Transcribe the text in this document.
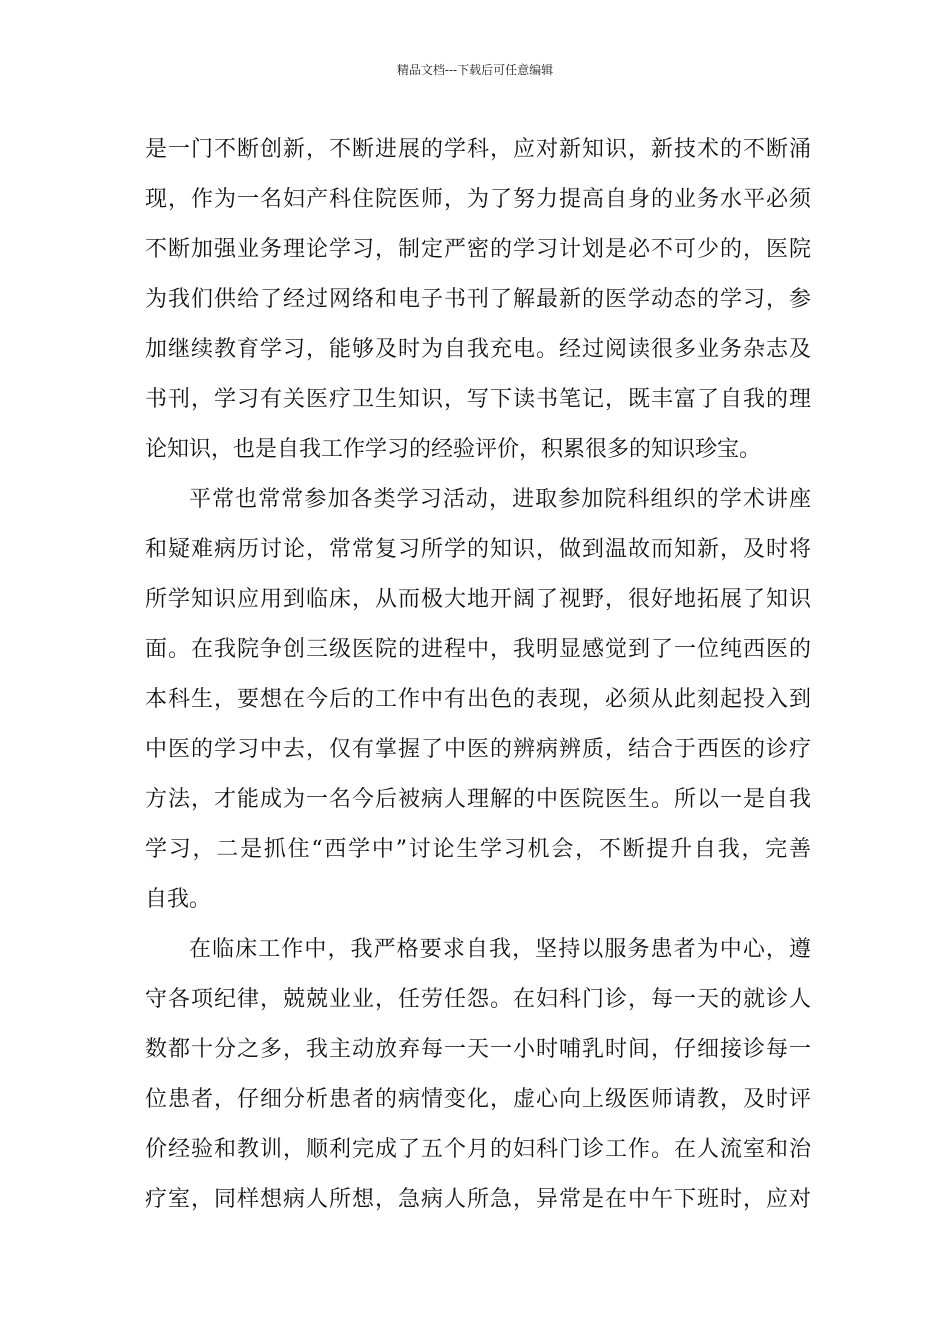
精品文档---下载后可任意编辑
是一门不断创新，不断进展的学科，应对新知识，新技术的不断涌
现，作为一名妇产科住院医师，为了努力提高自身的业务水平必须
不断加强业务理论学习，制定严密的学习计划是必不可少的，医院
为我们供给了经过网络和电子书刊了解最新的医学动态的学习，参
加继续教育学习，能够及时为自我充电。经过阅读很多业务杂志及
书刊，学习有关医疗卫生知识，写下读书笔记，既丰富了自我的理
论知识，也是自我工作学习的经验评价，积累很多的知识珍宝。
平常也常常参加各类学习活动，进取参加院科组织的学术讲座
和疑难病历讨论，常常复习所学的知识，做到温故而知新，及时将
所学知识应用到临床，从而极大地开阔了视野，很好地拓展了知识
面。在我院争创三级医院的进程中，我明显感觉到了一位纯西医的
本科生，要想在今后的工作中有出色的表现，必须从此刻起投入到
中医的学习中去，仅有掌握了中医的辨病辨质，结合于西医的诊疗
方法，才能成为一名今后被病人理解的中医院医生。所以一是自我
学习，二是抓住“西学中”讨论生学习机会，不断提升自我，完善
自我。
在临床工作中，我严格要求自我，坚持以服务患者为中心，遵
守各项纪律，兢兢业业，任劳任怨。在妇科门诊，每一天的就诊人
数都十分之多，我主动放弃每一天一小时哺乳时间，仔细接诊每一
位患者，仔细分析患者的病情变化，虚心向上级医师请教，及时评
价经验和教训，顺利完成了五个月的妇科门诊工作。在人流室和治
疗室，同样想病人所想，急病人所急，异常是在中午下班时，应对
